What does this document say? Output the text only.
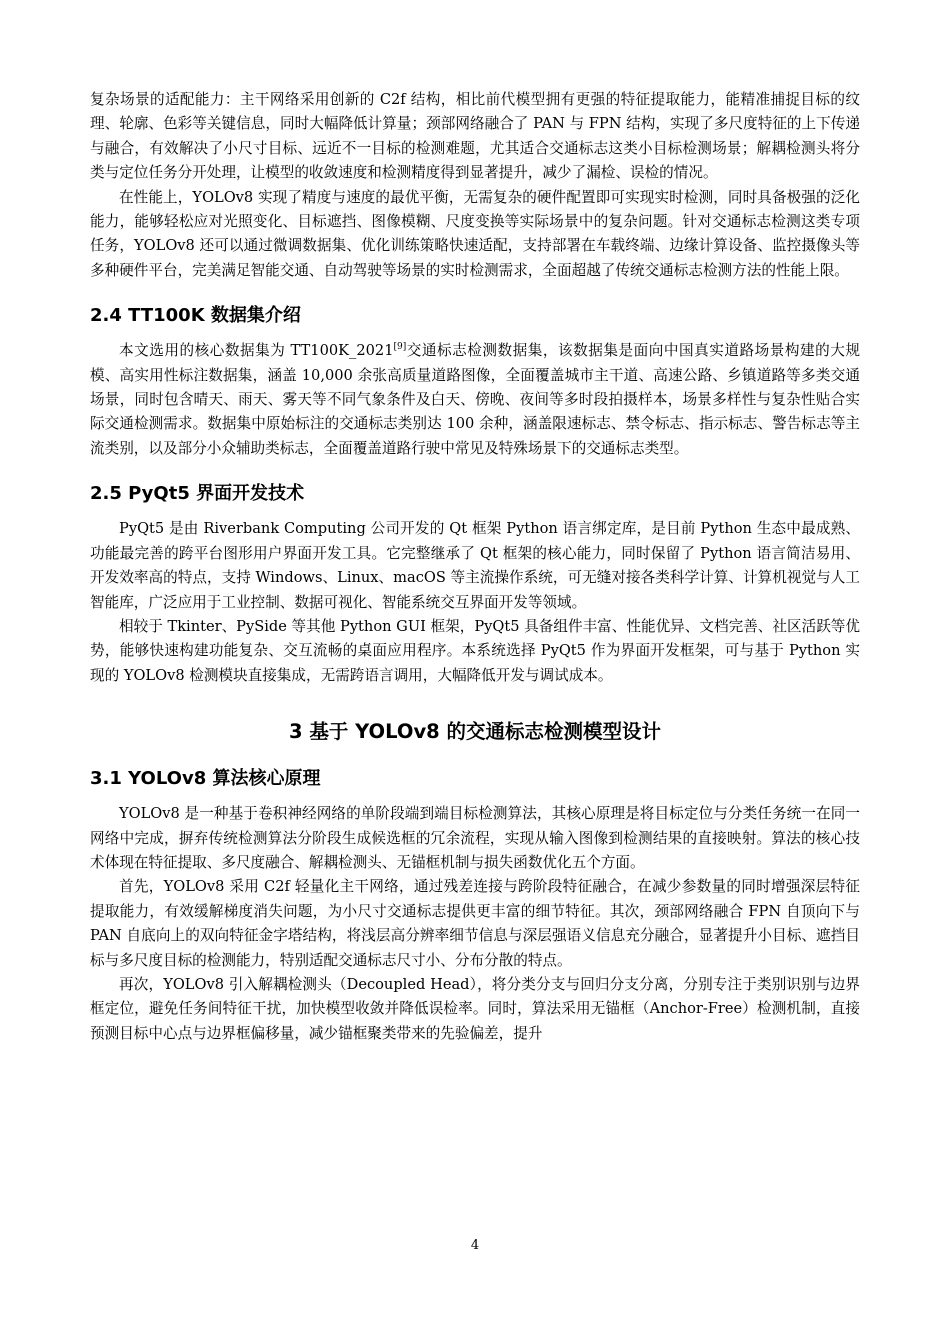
复杂场景的适配能力：主干网络采用创新的 C2f 结构，相比前代模型拥有更强的特征提取能力，能精准捕捉目标的纹理、轮廓、色彩等关键信息，同时大幅降低计算量；颈部网络融合了 PAN 与 FPN 结构，实现了多尺度特征的上下传递与融合，有效解决了小尺寸目标、远近不一目标的检测难题，尤其适合交通标志这类小目标检测场景；解耦检测头将分类与定位任务分开处理，让模型的收敛速度和检测精度得到显著提升，减少了漏检、误检的情况。

在性能上，YOLOv8 实现了精度与速度的最优平衡，无需复杂的硬件配置即可实现实时检测，同时具备极强的泛化能力，能够轻松应对光照变化、目标遮挡、图像模糊、尺度变换等实际场景中的复杂问题。针对交通标志检测这类专项任务，YOLOv8 还可以通过微调数据集、优化训练策略快速适配，支持部署在车载终端、边缘计算设备、监控摄像头等多种硬件平台，完美满足智能交通、自动驾驶等场景的实时检测需求，全面超越了传统交通标志检测方法的性能上限。

2.4 TT100K 数据集介绍

本文选用的核心数据集为 TT100K_2021[9]交通标志检测数据集，该数据集是面向中国真实道路场景构建的大规模、高实用性标注数据集，涵盖 10,000 余张高质量道路图像，全面覆盖城市主干道、高速公路、乡镇道路等多类交通场景，同时包含晴天、雨天、雾天等不同气象条件及白天、傍晚、夜间等多时段拍摄样本，场景多样性与复杂性贴合实际交通检测需求。数据集中原始标注的交通标志类别达 100 余种，涵盖限速标志、禁令标志、指示标志、警告标志等主流类别，以及部分小众辅助类标志，全面覆盖道路行驶中常见及特殊场景下的交通标志类型。

2.5 PyQt5 界面开发技术

PyQt5 是由 Riverbank Computing 公司开发的 Qt 框架 Python 语言绑定库，是目前 Python 生态中最成熟、功能最完善的跨平台图形用户界面开发工具。它完整继承了 Qt 框架的核心能力，同时保留了 Python 语言简洁易用、开发效率高的特点，支持 Windows、Linux、macOS 等主流操作系统，可无缝对接各类科学计算、计算机视觉与人工智能库，广泛应用于工业控制、数据可视化、智能系统交互界面开发等领域。

相较于 Tkinter、PySide 等其他 Python GUI 框架，PyQt5 具备组件丰富、性能优异、文档完善、社区活跃等优势，能够快速构建功能复杂、交互流畅的桌面应用程序。本系统选择 PyQt5 作为界面开发框架，可与基于 Python 实现的 YOLOv8 检测模块直接集成，无需跨语言调用，大幅降低开发与调试成本。

3 基于 YOLOv8 的交通标志检测模型设计
3.1 YOLOv8 算法核心原理

YOLOv8 是一种基于卷积神经网络的单阶段端到端目标检测算法，其核心原理是将目标定位与分类任务统一在同一网络中完成，摒弃传统检测算法分阶段生成候选框的冗余流程，实现从输入图像到检测结果的直接映射。算法的核心技术体现在特征提取、多尺度融合、解耦检测头、无锚框机制与损失函数优化五个方面。

首先，YOLOv8 采用 C2f 轻量化主干网络，通过残差连接与跨阶段特征融合，在减少参数量的同时增强深层特征提取能力，有效缓解梯度消失问题，为小尺寸交通标志提供更丰富的细节特征。其次，颈部网络融合 FPN 自顶向下与 PAN 自底向上的双向特征金字塔结构，将浅层高分辨率细节信息与深层强语义信息充分融合，显著提升小目标、遮挡目标与多尺度目标的检测能力，特别适配交通标志尺寸小、分布分散的特点。

再次，YOLOv8 引入解耦检测头（Decoupled Head），将分类分支与回归分支分离，分别专注于类别识别与边界框定位，避免任务间特征干扰，加快模型收敛并降低误检率。同时，算法采用无锚框（Anchor-Free）检测机制，直接预测目标中心点与边界框偏移量，减少锚框聚类带来的先验偏差，提升

4
